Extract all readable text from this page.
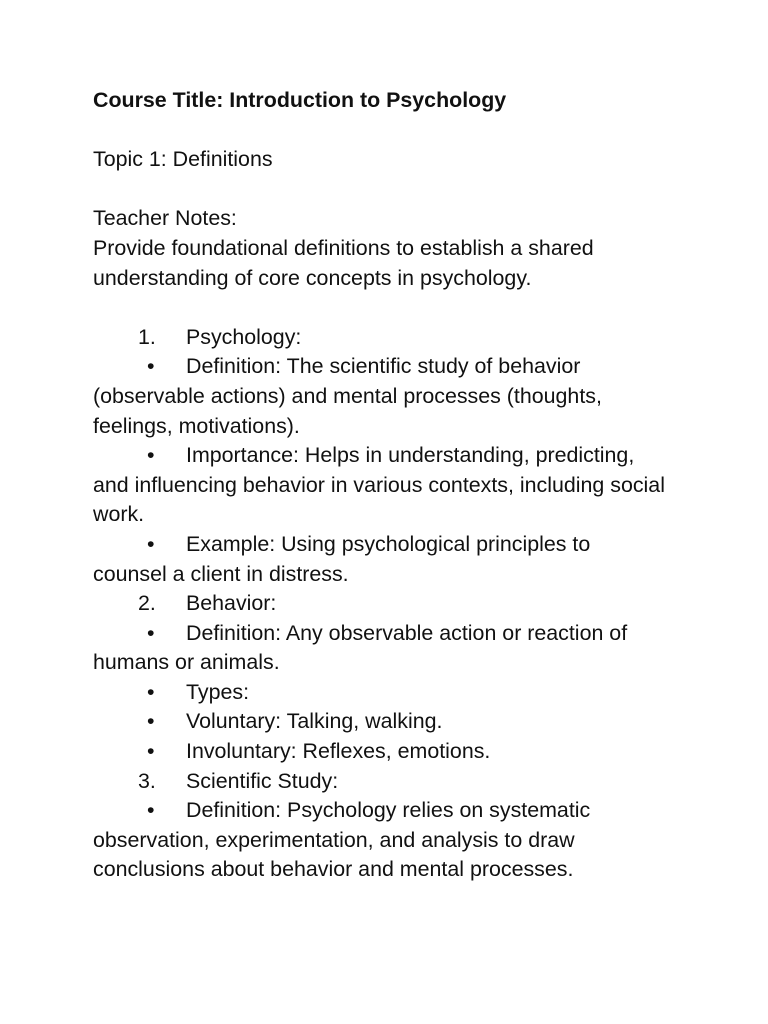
Course Title: Introduction to Psychology

Topic 1: Definitions
Teacher Notes:
Provide foundational definitions to establish a shared understanding of core concepts in psychology.
1. Psychology:
• Definition: The scientific study of behavior (observable actions) and mental processes (thoughts, feelings, motivations).
• Importance: Helps in understanding, predicting, and influencing behavior in various contexts, including social work.
• Example: Using psychological principles to counsel a client in distress.
2. Behavior:
• Definition: Any observable action or reaction of humans or animals.
• Types:
• Voluntary: Talking, walking.
• Involuntary: Reflexes, emotions.
3. Scientific Study:
• Definition: Psychology relies on systematic observation, experimentation, and analysis to draw conclusions about behavior and mental processes.
